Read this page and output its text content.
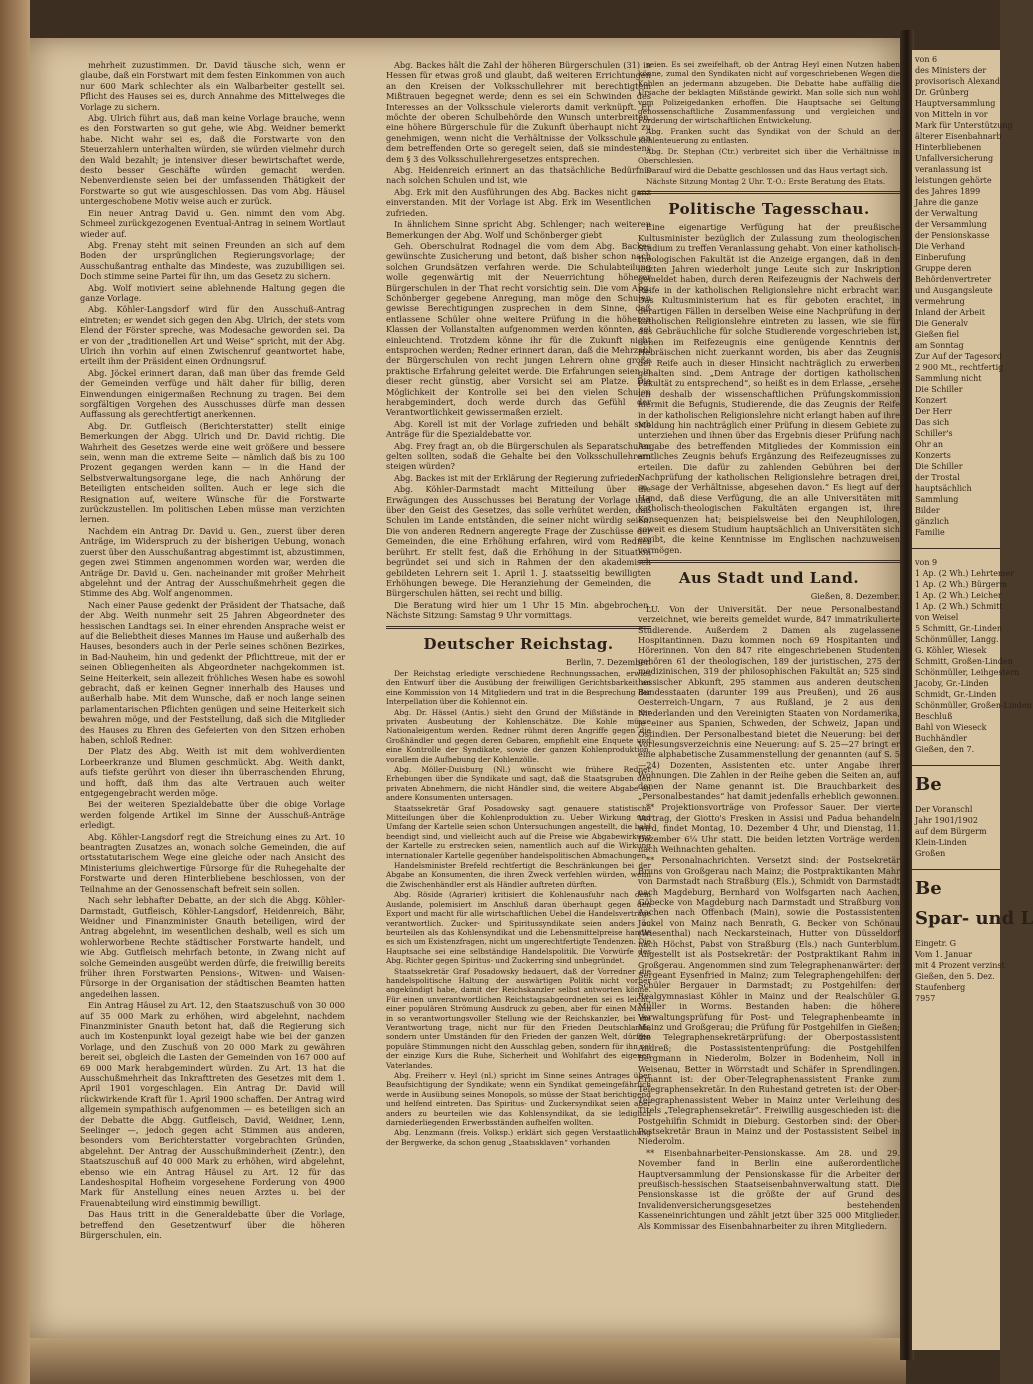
mehrheit zuzustimmen. Dr. David täusche sich, wenn er glaube, daß ein Forstwart mit dem festen Einkommen von auch nur 600 Mark schlechter als ein Walbarbeiter gestellt sei. Pflicht des Hauses sei es, durch Annahme des Mittelweges die Vorlage zu sichern.

Abg. Ulrich führt aus, daß man keine Vorlage brauche, wenn es den Forstwarten so gut gehe, wie Abg. Weidner bemerkt habe. Nicht wahr sei es, daß die Forstwarte von den Steuerzahlern unterhalten würden, sie würden vielmehr durch den Wald bezahlt; je intensiver dieser bewirtschaftet werde, desto besser Geschäfte würden gemacht werden. Nebenverdienste seien bei der umfassenden Thätigkeit der Forstwarte so gut wie ausgeschlossen. Das vom Abg. Häusel untergeschobene Motiv weise auch er zurück.

Ein neuer Antrag David u. Gen. nimmt den vom Abg. Schmeel zurückgezogenen Eventual-Antrag in seinem Wortlaut wieder auf.

Abg. Frenay steht mit seinen Freunden an sich auf dem Boden der ursprünglichen Regierungsvorlage; der Ausschußantrag enthalte das Mindeste, was zuzubilligen sei. Doch stimme seine Partei für ihn, um das Gesetz zu sichern.

Abg. Wolf motiviert seine ablehnende Haltung gegen die ganze Vorlage.

Abg. Köhler-Langsdorf wird für den Ausschuß-Antrag eintreten; er wendet sich gegen den Abg. Ulrich, der stets vom Elend der Förster spreche, was Modesache geworden sei. Da er von der „traditionellen Art und Weise“ spricht, mit der Abg. Ulrich ihn vorhin auf einen Zwischenruf geantwortet habe, erteilt ihm der Präsident einen Ordnungsruf.

Abg. Jöckel erinnert daran, daß man über das fremde Geld der Gemeinden verfüge und hält daher für billig, deren Einwendungen einigermaßen Rechnung zu tragen. Bei dem sorgfältigen Vorgehen des Ausschusses dürfe man dessen Auffassung als gerechtfertigt anerkennen.

Abg. Dr. Gutfleisch (Berichterstatter) stellt einige Bemerkungen der Abgg. Ulrich und Dr. David richtig. Die Wahrheit des Gesetzes werde eine weit größere und bessere sein, wenn man die extreme Seite — nämlich daß bis zu 100 Prozent gegangen werden kann — in die Hand der Selbstverwaltungsorgane lege, die nach Anhörung der Beteiligten entscheiden sollten. Auch er lege sich die Resignation auf, weitere Wünsche für die Forstwarte zurückzustellen. Im politischen Leben müsse man verzichten lernen.

Nachdem ein Antrag Dr. David u. Gen., zuerst über deren Anträge, im Widerspruch zu der bisherigen Uebung, wonach zuerst über den Ausschußantrag abgestimmt ist, abzustimmen, gegen zwei Stimmen angenommen worden war, werden die Anträge Dr. David u. Gen. nacheinander mit großer Mehrheit abgelehnt und der Antrag der Ausschußmehrheit gegen die Stimme des Abg. Wolf angenommen.

Nach einer Pause gedenkt der Präsident der Thatsache, daß der Abg. Weith nunmehr seit 25 Jahren Abgeordneter des hessischen Landtags sei. In einer ehrenden Ansprache weist er auf die Beliebtheit dieses Mannes im Hause und außerhalb des Hauses, besonders auch in der Perle seines schönen Bezirkes, in Bad-Nauheim, hin und gedenkt der Pflichttreue, mit der er seinen Obliegenheiten als Abgeordneter nachgekommen ist. Seine Heiterkeit, sein allezeit fröhliches Wesen habe es sowohl gebracht, daß er keinen Gegner innerhalb des Hauses und außerhalb habe. Mit dem Wunsche, daß er noch lange seinen parlamentarischen Pflichten genügen und seine Heiterkeit sich bewahren möge, und der Feststellung, daß sich die Mitglieder des Hauses zu Ehren des Gefeierten von den Sitzen erhoben haben, schloß Redner.

Der Platz des Abg. Weith ist mit dem wohlverdienten Lorbeerkranze und Blumen geschmückt. Abg. Weith dankt, aufs tiefste gerührt von dieser ihn überraschenden Ehrung, und hofft, daß ihm das alte Vertrauen auch weiter entgegengebracht werden möge.

Bei der weiteren Spezialdebatte über die obige Vorlage werden folgende Artikel im Sinne der Ausschuß-Anträge erledigt.

Abg. Köhler-Langsdorf regt die Streichung eines zu Art. 10 beantragten Zusatzes an, wonach solche Gemeinden, die auf ortsstatutarischem Wege eine gleiche oder nach Ansicht des Ministeriums gleichwertige Fürsorge für die Ruhegehalte der Forstwarte und deren Hinterbliebene beschlossen, von der Teilnahme an der Genossenschaft befreit sein sollen.

Nach sehr lebhafter Debatte, an der sich die Abgg. Köhler-Darmstadt, Gutfleisch, Köhler-Langsdorf, Heidenreich, Bähr, Weidner und Finanzminister Gnauth beteiligen, wird der Antrag abgelehnt, im wesentlichen deshalb, weil es sich um wohlerworbene Rechte städtischer Forstwarte handelt, und wie Abg. Gutfleisch mehrfach betonte, in Zwang nicht auf solche Gemeinden ausgeübt werden dürfe, die freiwillig bereits früher ihren Forstwarten Pensions-, Witwen- und Waisen-Fürsorge in der Organisation der städtischen Beamten hatten angedeihen lassen.

Ein Antrag Häusel zu Art. 12, den Staatszuschuß von 30 000 auf 35 000 Mark zu erhöhen, wird abgelehnt, nachdem Finanzminister Gnauth betont hat, daß die Regierung sich auch im Kostenpunkt loyal gezeigt habe wie bei der ganzen Vorlage, und den Zuschuß von 20 000 Mark zu gewähren bereit sei, obgleich die Lasten der Gemeinden von 167 000 auf 69 000 Mark herabgemindert würden. Zu Art. 13 hat die Ausschußmehrheit das Inkrafttreten des Gesetzes mit dem 1. April 1901 vorgeschlagen. Ein Antrag Dr. David will rückwirkende Kraft für 1. April 1900 schaffen. Der Antrag wird allgemein sympathisch aufgenommen — es beteiligen sich an der Debatte die Abgg. Gutfleisch, David, Weidner, Lenn, Seelinger —, jedoch gegen acht Stimmen aus anderen, besonders vom Berichterstatter vorgebrachten Gründen, abgelehnt. Der Antrag der Ausschußminderheit (Zentr.), den Staatszuschuß auf 40 000 Mark zu erhöhen, wird abgelehnt, ebenso wie ein Antrag Häusel zu Art. 12 für das Landeshospital Hofheim vorgesehene Forderung von 4900 Mark für Anstellung eines neuen Arztes u. bei der Frauenabteilung wird einstimmig bewilligt.

Das Haus tritt in die Generaldebatte über die Vorlage, betreffend den Gesetzentwurf über die höheren Bürgerschulen, ein.

Abg. Backes hält die Zahl der höheren Bürgerschulen (31) in Hessen für etwas groß und glaubt, daß weiteren Errichtungen an den Kreisen der Volksschullehrer mit berechtigtem Mißtrauen begegnet werde; denn es sei ein Schwinden des Interesses an der Volksschule vielerorts damit verknüpft. Er möchte der oberen Schulbehörde den Wunsch unterbreiten, eine höhere Bürgerschule für die Zukunft überhaupt nicht zu genehmigen, wenn nicht die Verhältnisse der Volksschule an dem betreffenden Orte so geregelt seien, daß sie mindestens dem § 3 des Volksschullehrergesetzes entsprechen.

Abg. Heidenreich erinnert an das thatsächliche Bedürfnis nach solchen Schulen und ist, wie

Abg. Erk mit den Ausführungen des Abg. Backes nicht ganz einverstanden. Mit der Vorlage ist Abg. Erk im Wesentlichen zufrieden.

In ähnlichem Sinne spricht Abg. Schlenger; nach weiteren Bemerkungen der Abg. Wolf und Schönberger giebt

Geh. Oberschulrat Rodnagel die vom dem Abg. Backes gewünschte Zusicherung und betont, daß bisher schon nach solchen Grundsätzen verfahren werde. Die Schulabteilung wolle gegenwärtig mit der Neuerrichtung höherer Bürgerschulen in der That recht vorsichtig sein. Die vom Abg. Schönberger gegebene Anregung, man möge den Schulen gewisse Berechtigungen zusprechen in dem Sinne, daß entlassene Schüler ohne weitere Prüfung in die höheren Klassen der Vollanstalten aufgenommen werden könnten, sei einleuchtend. Trotzdem könne ihr für die Zukunft nicht entsprochen werden; Redner erinnert daran, daß die Mehrzahl der Bürgerschulen von recht jungen Lehrern ohne große praktische Erfahrung geleitet werde. Die Erfahrungen seien in dieser recht günstig, aber Vorsicht sei am Platze. Die Möglichkeit der Kontrolle sei bei den vielen Schulen herabgemindert, doch werde durch das Gefühl der Verantwortlichkeit gewissermaßen erzielt.

Abg. Korell ist mit der Vorlage zufrieden und behält sich Anträge für die Spezialdebatte vor.

Abg. Frey fragt an, ob die Bürgerschulen als Separatschulen gelten sollten, sodaß die Gehalte bei den Volksschullehrern steigen würden?

Abg. Backes ist mit der Erklärung der Regierung zufrieden.

Abg. Köhler-Darmstadt macht Mitteilung über die Erwägungen des Ausschusses bei Beratung der Vorlage und über den Geist des Gesetzes, das solle verhütet werden, daß Schulen im Lande entständen, die seiner nicht würdig seien. Die von anderen Rednern angeregte Frage der Zuschüsse der Gemeinden, die eine Erhöhung erfahren, wird vom Redner berührt. Er stellt fest, daß die Erhöhung in der Situation begründet sei und sich in Rahmen der den akademisch gebildeten Lehrern seit 1. April 1. J. staatsseitig bewilligten Erhöhungen bewege. Die Heranziehung der Gemeinden, die Bürgerschulen hätten, sei recht und billig.

Die Beratung wird hier um 1 Uhr 15 Min. abgebrochen. Nächste Sitzung: Samstag 9 Uhr vormittags.

Deutscher Reichstag.
Berlin, 7. Dezember.

Der Reichstag erledigte verschiedene Rechnungssachen, erwies den Entwurf über die Ausübung der freiwilligen Gerichtsbarkeit an eine Kommission von 14 Mitgliedern und trat in die Besprechung der Interpellation über die Kohlennot ein.

Abg. Dr. Hässel (Antis.) sieht den Grund der Mißstände in der privaten Ausbeutung der Kohlenschätze. Die Kohle müsse Nationaleigentum werden. Redner rühmt deren Angriffe gegen die Großhändler und gegen deren Gebaren, empfiehlt eine Enquete und eine Kontrolle der Syndikate, sowie der ganzen Kohlenproduktion, vorallem die Aufhebung der Kohlenzölle.

Abg. Möller-Duisburg (Nl.) wünscht wie frühere Redner Erhebungen über die Syndikate und sagt, daß die Staatsgruben den privaten Abnehmern, die nicht Händler sind, die weitere Abgabe an andere Konsumenten untersagen.

Staatssekretär Graf Posadowsky sagt genauere statistische Mitteilungen über die Kohlenproduktion zu. Ueber Wirkung und Umfang der Kartelle seien schon Untersuchungen angestellt, die bald beendigt sind, und vielleicht auch auf die Preise wie Abgabewirkung der Kartelle zu erstrecken seien, namentlich auch auf die Wirkung internationaler Kartelle gegenüber handelspolitischen Abmachungen.

Handelsminister Brefeld rechtfertigt die Beschränkungen bei der Abgabe an Konsumenten, die ihren Zweck verfehlen würden, wenn die Zwischenhändler erst als Händler auftreten dürften.

Abg. Röside (Agrarier) kritisiert die Kohlenausfuhr nach dem Auslande, polemisiert im Anschluß daran überhaupt gegen den Export und macht für alle wirtschaftlichen Uebel die Handelsverträge verantwortlich. Zucker- und Spiritussyndikate seien anders zu beurteilen als das Kohlensyndikat und die Lebensmittelpreise handle es sich um Existenzfragen, nicht um ungerechtfertigte Tendenzen. Die Hauptsache sei eine selbständige Handelspolitik. Die Vorwürfe des Abg. Richter gegen Spiritus- und Zuckerring sind unbegründet.

Staatssekretär Graf Posadowsky bedauert, daß der Vorredner die handelspolitische Haltung der auswärtigen Politik nicht vorher angekündigt habe, damit der Reichskanzler selbst antworten könne. Für einen unverantwortlichen Reichstagsabgeordneten sei es leicht, einer populären Strömung Ausdruck zu geben, aber für einen Mann in so verantwortungsvoller Stellung wie der Reichskanzler, bei die Verantwortung trage, nicht nur für den Frieden Deutschlands, sondern unter Umständen für den Frieden der ganzen Welt, dürften populäre Stimmungen nicht den Ausschlag geben, sondern für ihn sei der einzige Kurs die Ruhe, Sicherheit und Wohlfahrt des eigenen Vaterlandes.

Abg. Freiherr v. Heyl (nl.) spricht im Sinne seines Antrages über Beaufsichtigung der Syndikate; wenn ein Syndikat gemeingefährlich werde in Ausübung seines Monopols, so müsse der Staat berichtigend und helfend eintreten. Das Spiritus- und Zuckersyndikat seien aber anders zu beurteilen wie das Kohlensyndikat, da sie lediglich darniederliegenden Erwerbsständen aufhelfen wollten.

Abg. Lenzmann (freis. Volksp.) erklärt sich gegen Verstaatlichung der Bergwerke, da schon genug „Staatssklaven“ vorhanden

seien. Es sei zweifelhaft, ob der Antrag Heyl einen Nutzen haben könne, zumal den Syndikaten nicht auf vorgeschriebenen Wegen die Kohlen an jedermann abzugeben. Die Debatte habe auffällig die Ursache der beklagten Mißstände gewirkt. Man solle sich nun wohl vom Polizeigedanken erhoffen. Die Hauptsache sei Geltung genossenschaftliche Zusammenfassung und vergleichen und Förderung der wirtschaftlichen Entwickelung.

Abg. Franken sucht das Syndikat von der Schuld an der Kohlenteuerung zu entlasten.

Abg. Dr. Stephan (Ctr.) verbreitet sich über die Verhältnisse in Oberschlesien.

Darauf wird die Debatte geschlossen und das Haus vertagt sich.

Nächste Sitzung Montag 2 Uhr. T.-O.: Erste Beratung des Etats.

Politische Tagesschau.

Eine eigenartige Verfügung hat der preußische Kultusminister bezüglich der Zulassung zum theologischen Studium zu treffen Veranlassung gehabt. Von einer katholisch-theologischen Fakultät ist die Anzeige ergangen, daß in den letzten Jahren wiederholt junge Leute sich zur Inskription gemeldet haben, durch deren Reifezeugnis der Nachweis der Reife in der katholischen Religionslehre nicht erbracht war. Das Kultusministerium hat es für geboten erachtet, in derartigen Fällen in derselben Weise eine Nachprüfung in der katholischen Religionslehre eintreten zu lassen, wie sie für das Gebräuchliche für solche Studierende vorgeschrieben ist, denen im Reifezeugnis eine genügende Kenntnis der Hebräischen nicht zuerkannt worden, bis aber das Zeugnis der Reife auch in dieser Hinsicht nachträglich zu erwerben gehalten sind. „Dem Antrage der dortigen katholischen Fakultät zu entsprechend“, so heißt es in dem Erlasse, „ersehe ich deshalb der wissenschaftlichen Prüfungskommission hiermit die Befugnis, Studierende, die das Zeugnis der Reife in der katholischen Religionslehre nicht erlangt haben auf ihre Meldung hin nachträglich einer Prüfung in diesem Gebiete zu unterziehen und ihnen über das Ergebnis dieser Prüfung nach Angabe des betreffenden Mitgliedes der Kommission ein amtliches Zeugnis behufs Ergänzung des Reifezeugnisses zu erteilen. Die dafür zu zahlenden Gebühren bei der Nachprüfung der katholischen Religionslehre betragen drei, so sage der Verhältnisse, abgesehen davon.“ Es liegt auf der Hand, daß diese Verfügung, die an alle Universitäten mit katholisch-theologischen Fakultäten ergangen ist, ihre Konsequenzen hat; beispielsweise bei den Neuphilologen, soweit es diesem Studium hauptsächlich an Universitäten sich ergibt, die keine Kenntnisse im Englischen nachzuweisen vermögen.

Aus Stadt und Land.
Gießen, 8. Dezember.

LU. Von der Universität. Der neue Personalbestand verzeichnet, wie bereits gemeldet wurde, 847 immatrikulierte Studierende. Außerdem 2 Damen als zugelassene Hospitantinnen. Dazu kommen noch 69 Hospitanten und Hörerinnen. Von den 847 rite eingeschriebenen Studenten gehören 61 der theologischen, 189 der juristischen, 275 der medizinischen, 319 der philosophischen Fakultät an; 525 sind hessischer Abkunft, 295 stammen aus anderen deutschen Bundesstaaten (darunter 199 aus Preußen), und 26 aus Oesterreich-Ungarn, 7 aus Rußland, je 2 aus den Niederlanden und den Vereinigten Staaten von Nordamerika, je einer aus Spanien, Schweden, der Schweiz, Japan und Ostindien. Der Personalbestand bietet die Neuerung: bei der Vorlesungsverzeichnis eine Neuerung: auf S. 25—27 bringt er eine alphabetische Zusammenstellung der genannten (auf S. 5—24) Dozenten, Assistenten etc. unter Angabe ihrer Wohnungen. Die Zahlen in der Reihe geben die Seiten an, auf denen der Name genannt ist. Die Brauchbarkeit des „Personalbestandes“ hat damit jedenfalls erheblich gewonnen.

** Projektionsvorträge von Professor Sauer. Der vierte Vortrag, der Giotto's Fresken in Assisi und Padua behandeln wird, findet Montag, 10. Dezember 4 Uhr, und Dienstag, 11. Dezember 6¼ Uhr statt. Die beiden letzten Vorträge werden nach Weihnachten gehalten.

** Personalnachrichten. Versetzt sind: der Postsekretär Bruns von Großgerau nach Mainz; die Postpraktikanten Mahr von Darmstadt nach Straßburg (Els.), Schmidt von Darmstadt nach Magdeburg, Bernhard von Wolfsgarten nach Aachen, Göbecke von Magdeburg nach Darmstadt und Straßburg von Aachen nach Offenbach (Main), sowie die Postassistenten Jöckel von Mainz nach Benrath, G. Becker von Schönau (Wiesenthal) nach Neckarsteinach, Hutter von Düsseldorf nach Höchst, Pabst von Straßburg (Els.) nach Gunterblum. Angestellt ist als Postsekretär: der Postpraktikant Rahm in Großgerau. Angenommen sind zum Telegraphenanwärter: der Sergeant Eysenfried in Mainz; zum Telegraphengehilfen: der Schüler Bergauer in Darmstadt; zu Postgehilfen: der Realgymnasiast Köhler in Mainz und der Realschüler G. Müller in Worms. Bestanden haben: die höhere Verwaltungsprüfung für Post- und Telegraphenbeamte in Mainz und Großgerau; die Prüfung für Postgehilfen in Gießen; die Telegraphensekretärprüfung: der Oberpostassistent Andreß; die Postassistentenprüfung: die Postgehilfen Bergmann in Niederolm, Bolzer in Bodenheim, Noll in Weisenau, Better in Wörrstadt und Schäfer in Sprendlingen. Ernannt ist: der Ober-Telegraphenassistent Franke zum Telegraphensekretär. In den Ruhestand getreten ist: der Ober-Telegraphenassistent Weber in Mainz unter Verleihung des Titels „Telegraphensekretär“. Freiwillig ausgeschieden ist: die Postgehilfin Schmidt in Dieburg. Gestorben sind: der Ober-Postsekretär Braun in Mainz und der Postassistent Seibel in Niederolm.

** Eisenbahnarbeiter-Pensionskasse. Am 28. und 29. November fand in Berlin eine außerordentliche Hauptversammlung der Pensionskasse für die Arbeiter der preußisch-hessischen Staatseisenbahnverwaltung statt. Die Pensionskasse ist die größte der auf Grund des Invalidenversicherungsgesetzes bestehenden Kasseneinrichtungen und zählt jetzt über 325 000 Mitglieder. Als Kommissar des Eisenbahnarbeiter zu ihren Mitgliedern.

von 6
des Ministers der
provisorisch Alexand
Dr. Grünberg
Hauptversammlung
von Mitteln in vor
Mark für Unterstützung
älterer Eisenbahnarb
Hinterbliebenen
Unfallversicherung
veranlassung ist
leistungen gehörte
des Jahres 1899
Jahre die ganze
der Verwaltung
der Versammlung
der Pensionskasse
Die Verhand
Einberufung
Gruppe deren
Behördenvertreter
und Ausgangsleute
vermehrung
Inland der Arbeit
Die Generalv
Gießen fiel
am Sonntag
Zur Auf der Tagesord
2 900 Mt., rechtfertig
Sammlung nicht
Die Schiller
Konzert
Der Herr
Das sich
Schiller's
Ohr an
Konzerts
Die Schiller
der Trostal
hauptsächlich
Sammlung
Bilder
gänzlich
Familie
von 9
1 Ap. (2 Wh.) Lehrtemer
1 Ap. (2 Wh.) Bürgerm
1 Ap. (2 Wh.) Leicher
1 Ap. (2 Wh.) Schmitt
von Weisel
5 Schmitt, Gr.-Linden
Schönmüller, Langg.
G. Köhler, Wiesek
Schmitt, Großen-Linden
Schönmüller, Leihgestern
Jacoby, Gr.-Linden
Schmidt, Gr.-Linden
Schönmüller, Großen-Linden
Beschluß
Bahl von Wieseck
Buchhändler
Gießen, den 7.
Be
Der Voranschl
Jahr 1901/1902
auf dem Bürgerm
Klein-Linden
Großen
Be
Spar- und L
Eingetr. G
Vom 1. Januar
mit 4 Prozent verzinst
Gießen, den 5. Dez.
Staufenberg
7957
